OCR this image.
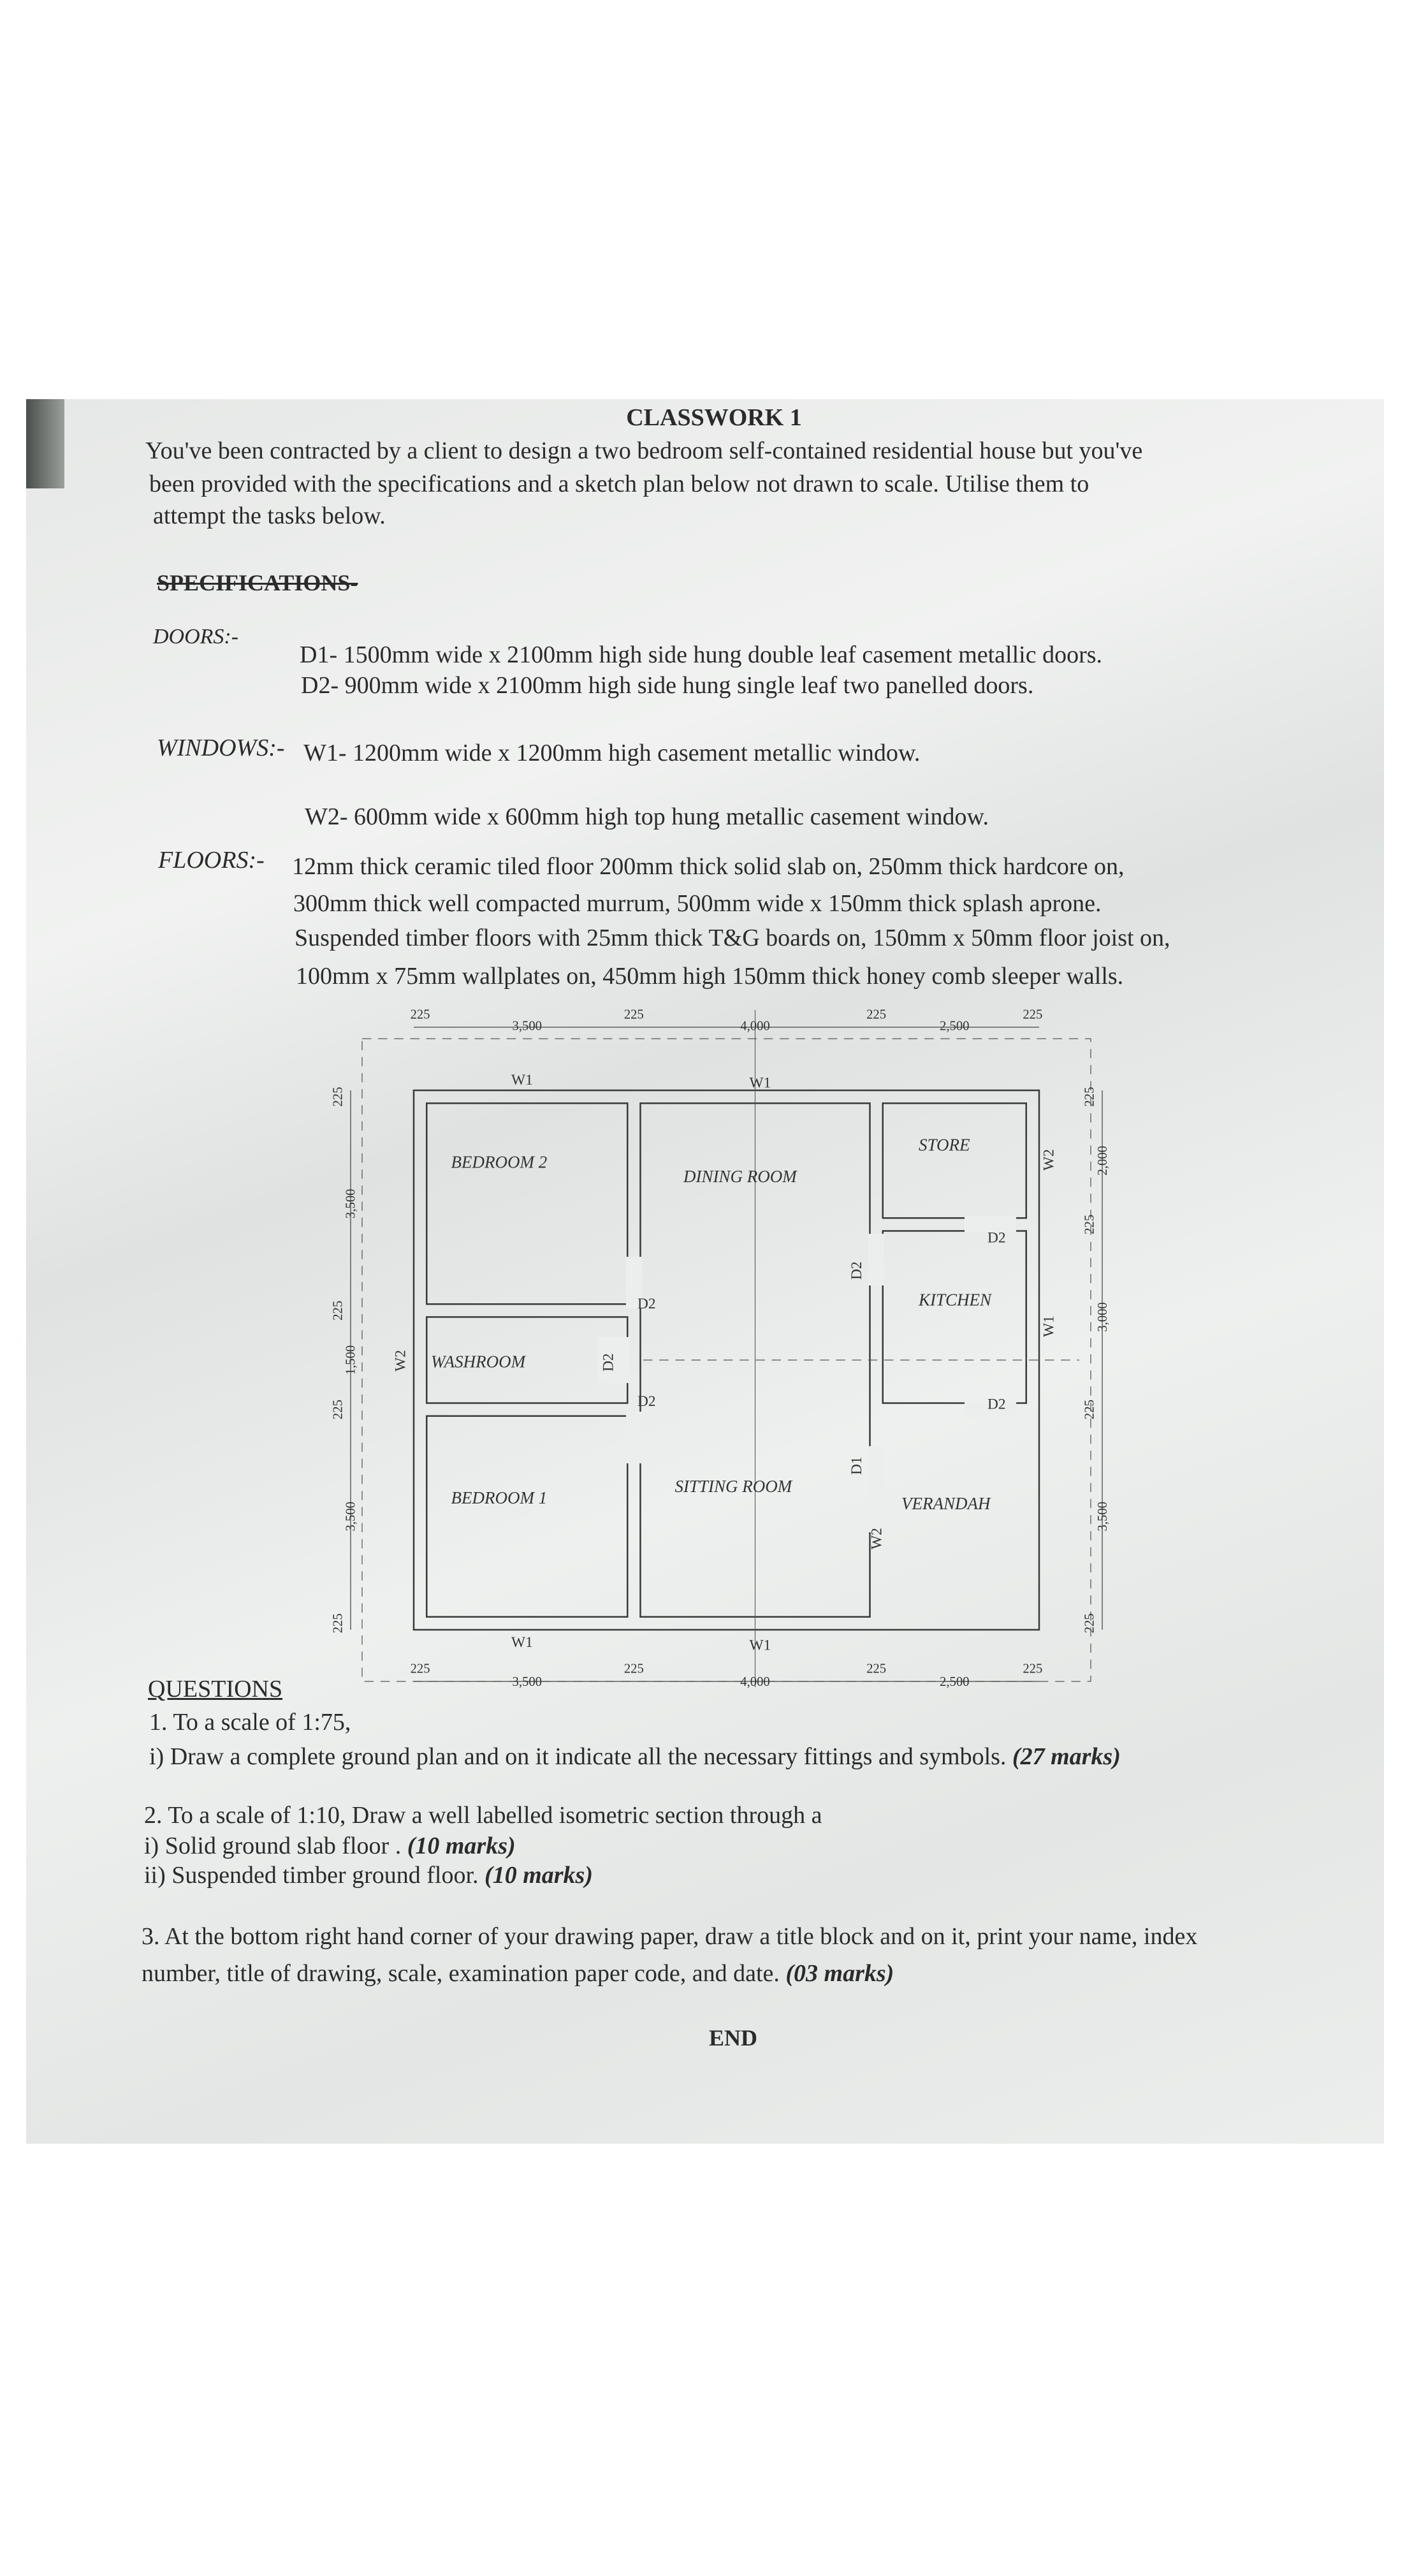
CLASSWORK 1
You've been contracted by a client to design a two bedroom self-contained residential house but you've
been provided with the specifications and a sketch plan below not drawn to scale. Utilise them to
attempt the tasks below.
SPECIFICATIONS-
DOORS:-
D1- 1500mm wide x 2100mm high side hung double leaf casement metallic doors.
D2- 900mm wide x 2100mm high side hung single leaf two panelled doors.
WINDOWS:- W1- 1200mm wide x 1200mm high casement metallic window.
W2- 600mm wide x 600mm high top hung metallic casement window.
FLOORS:- 12mm thick ceramic tiled floor 200mm thick solid slab on, 250mm thick hardcore on,
300mm thick well compacted murrum, 500mm wide x 150mm thick splash aprone.
Suspended timber floors with 25mm thick T&G boards on, 150mm x 50mm floor joist on,
100mm x 75mm wallplates on, 450mm high 150mm thick honey comb sleeper walls.
BEDROOM 2
DINING ROOM
STORE
KITCHEN
WASHROOM
BEDROOM 1
SITTING ROOM
VERANDAH
W1 W1
W1 W1
W2
W2
W1
W2
D2
D2
D2
D2
D1
D2
D2
225
3,500
225
4,000
225
2,500
225
225
3,500
225
4,000
225
2,500
225
225
3,500
225
1,500
225
3,500
225
225
2,000
225
3,000
225
3,500
225
QUESTIONS
1. To a scale of 1:75,
i) Draw a complete ground plan and on it indicate all the necessary fittings and symbols. (27 marks)
2. To a scale of 1:10, Draw a well labelled isometric section through a
i) Solid ground slab floor . (10 marks)
ii) Suspended timber ground floor. (10 marks)
3. At the bottom right hand corner of your drawing paper, draw a title block and on it, print your name, index
number, title of drawing, scale, examination paper code, and date. (03 marks)
END
